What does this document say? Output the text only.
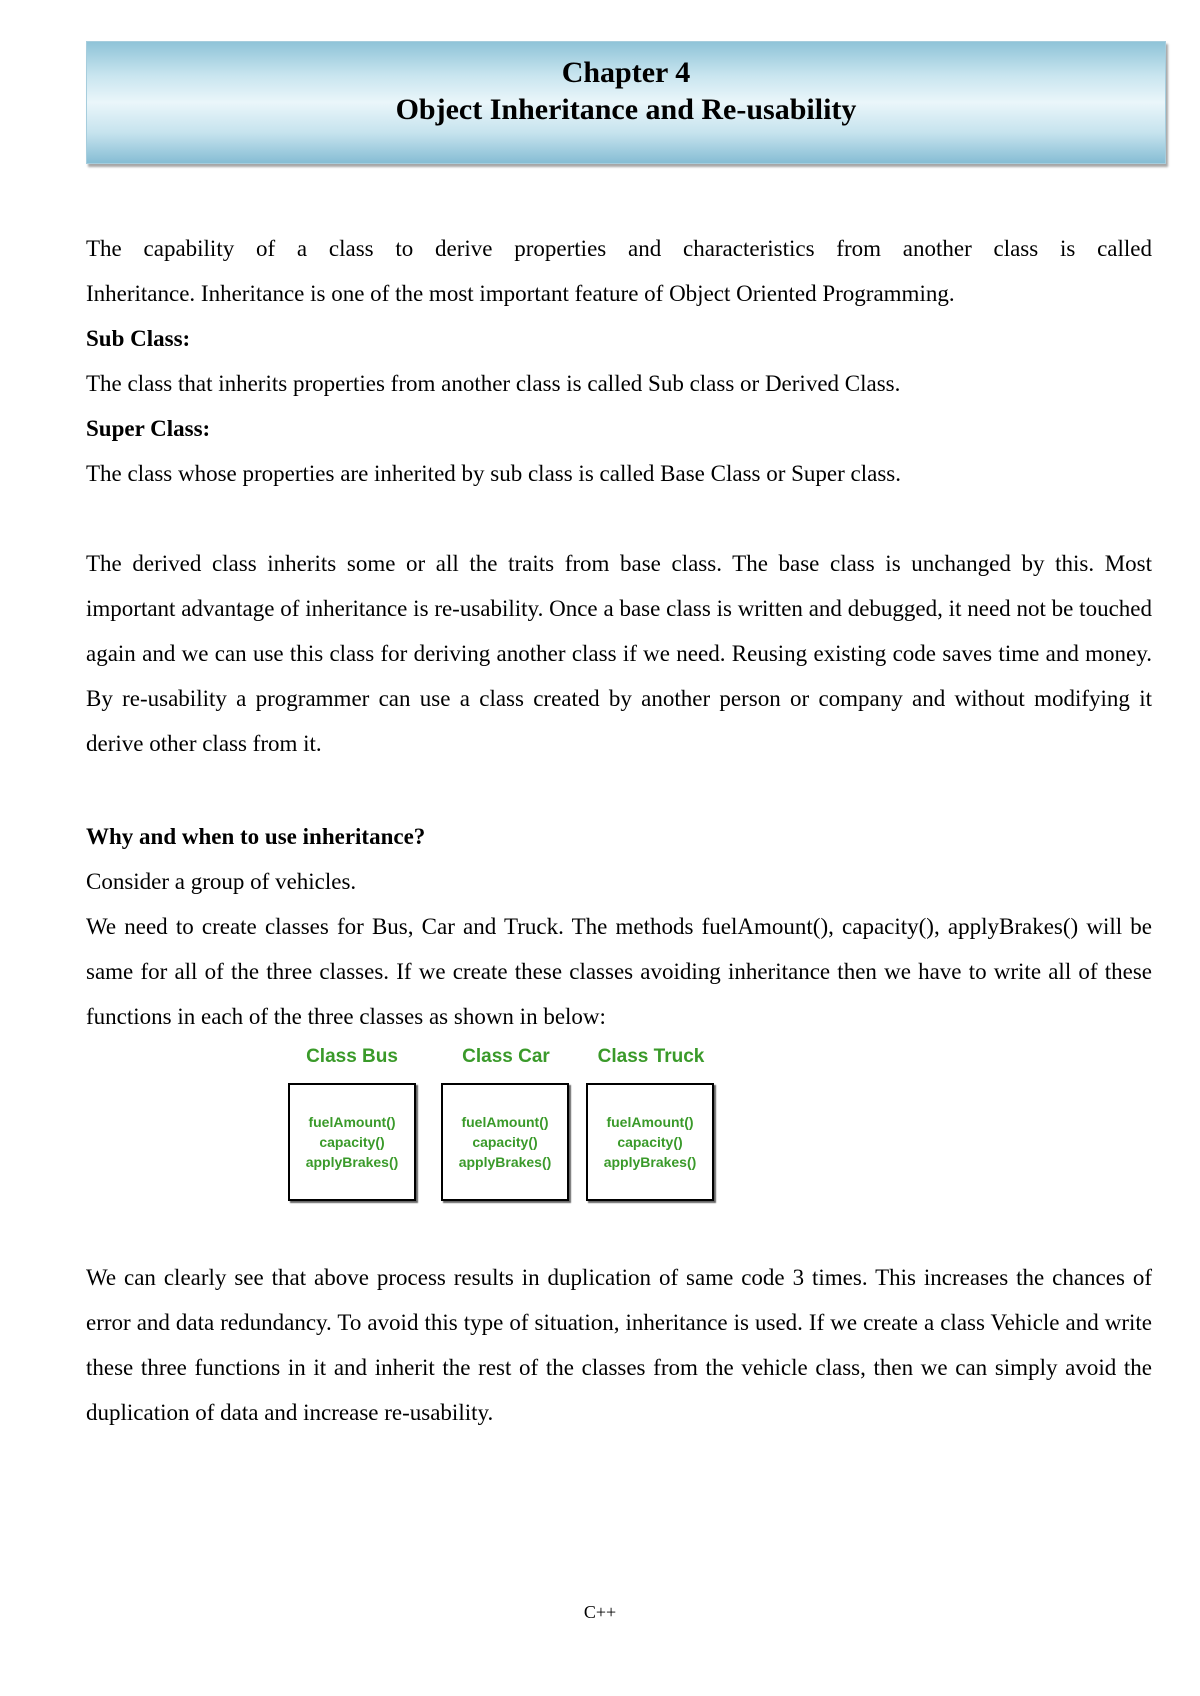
Chapter 4
Object Inheritance and Re-usability

The capability of a class to derive properties and characteristics from another class is called

Inheritance. Inheritance is one of the most important feature of Object Oriented Programming.

Sub Class:

The class that inherits properties from another class is called Sub class or Derived Class.

Super Class:

The class whose properties are inherited by sub class is called Base Class or Super class.

The derived class inherits some or all the traits from base class. The base class is unchanged by this. Most important advantage of inheritance is re-usability. Once a base class is written and debugged, it need not be touched again and we can use this class for deriving another class if we need. Reusing existing code saves time and money. By re-usability a programmer can use a class created by another person or company and without modifying it derive other class from it.

Why and when to use inheritance?

Consider a group of vehicles.

We need to create classes for Bus, Car and Truck. The methods fuelAmount(), capacity(), applyBrakes() will be same for all of the three classes. If we create these classes avoiding inheritance then we have to write all of these functions in each of the three classes as shown in below:

Class Bus	Class Car	Class Truck
fuelAmount()
capacity()
applyBrakes()
fuelAmount()
capacity()
applyBrakes()
fuelAmount()
capacity()
applyBrakes()

We can clearly see that above process results in duplication of same code 3 times. This increases the chances of error and data redundancy. To avoid this type of situation, inheritance is used. If we create a class Vehicle and write these three functions in it and inherit the rest of the classes from the vehicle class, then we can simply avoid the duplication of data and increase re-usability.

C++
